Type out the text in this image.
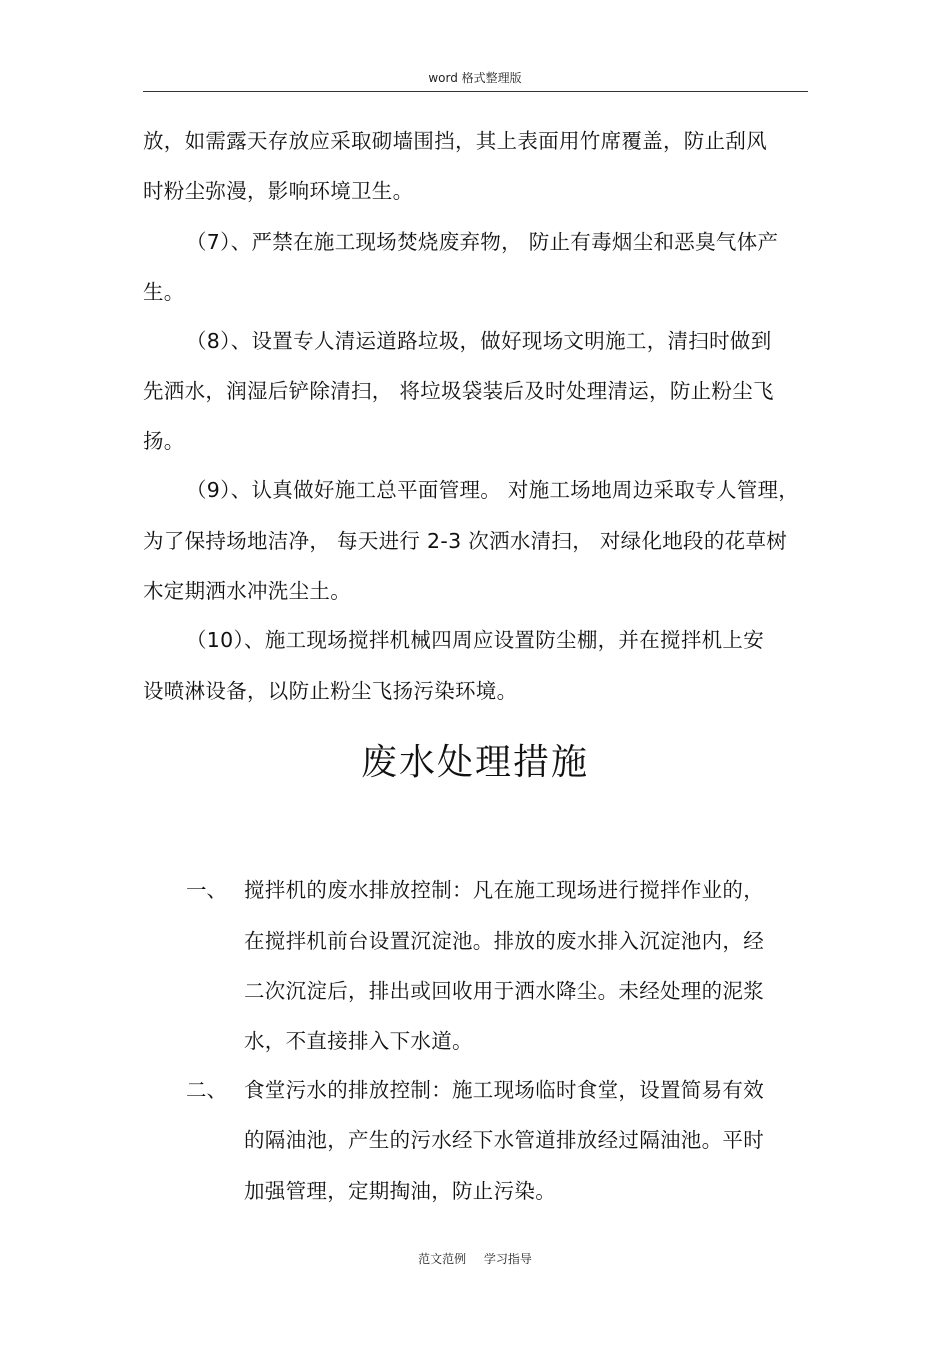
word 格式整理版
放，如需露天存放应采取砌墙围挡，其上表面用竹席覆盖，防止刮风
时粉尘弥漫，影响环境卫生。
（7）、严禁在施工现场焚烧废弃物， 防止有毒烟尘和恶臭气体产
生。
（8）、设置专人清运道路垃圾，做好现场文明施工，清扫时做到
先洒水，润湿后铲除清扫， 将垃圾袋装后及时处理清运，防止粉尘飞
扬。
（9）、认真做好施工总平面管理。 对施工场地周边采取专人管理，
为了保持场地洁净， 每天进行 2-3 次洒水清扫， 对绿化地段的花草树
木定期洒水冲洗尘土。
（10）、施工现场搅拌机械四周应设置防尘棚，并在搅拌机上安
设喷淋设备，以防止粉尘飞扬污染环境。
废水处理措施
一、 搅拌机的废水排放控制：凡在施工现场进行搅拌作业的，
在搅拌机前台设置沉淀池。排放的废水排入沉淀池内，经
二次沉淀后，排出或回收用于洒水降尘。未经处理的泥浆
水，不直接排入下水道。
二、 食堂污水的排放控制：施工现场临时食堂，设置简易有效
的隔油池，产生的污水经下水管道排放经过隔油池。平时
加强管理，定期掏油，防止污染。
范文范例 学习指导
